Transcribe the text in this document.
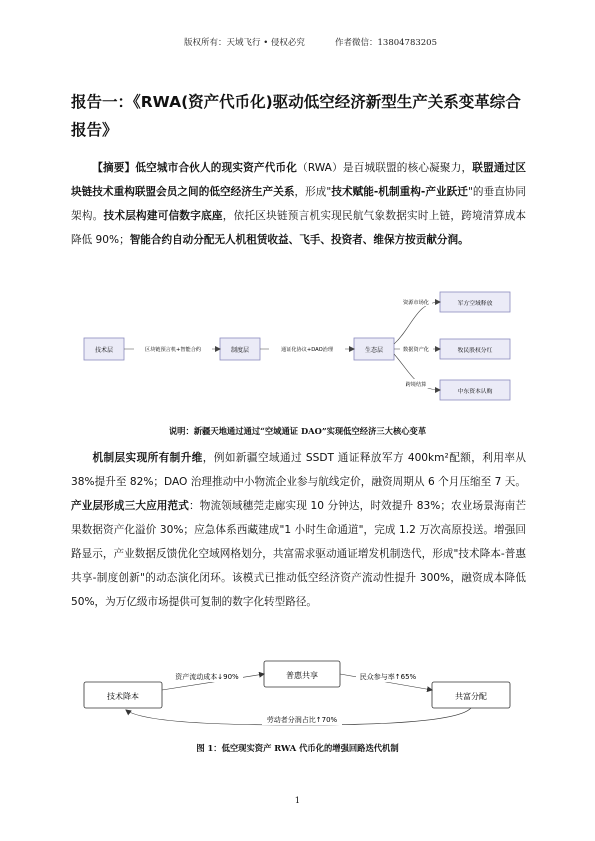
版权所有：天域飞行 • 侵权必究	作者微信：13804783205
报告一：《RWA(资产代币化)驱动低空经济新型生产关系变革综合报告》
【摘要】低空城市合伙人的现实资产代币化（RWA）是百城联盟的核心凝聚力，联盟通过区块链技术重构联盟会员之间的低空经济生产关系，形成"技术赋能-机制重构-产业跃迁"的垂直协同架构。技术层构建可信数字底座，依托区块链预言机实现民航气象数据实时上链，跨境清算成本降低 90%；智能合约自动分配无人机租赁收益、飞手、投资者、维保方按贡献分润。
技术层	制度层	生态层
军方空域释放
牧民股权分红
中东资本认购
区块链预言机+智能合约	通证化协议+DAO治理
资源市场化
数据资产化
跨境结算
说明：新疆天地通过通过“空域通证 DAO”实现低空经济三大核心变革
机制层实现所有制升维，例如新疆空域通过 SSDT 通证释放军方 400km²配额，利用率从 38%提升至 82%；DAO 治理推动中小物流企业参与航线定价，融资周期从 6 个月压缩至 7 天。产业层形成三大应用范式：物流领域穗莞走廊实现 10 分钟达，时效提升 83%；农业场景海南芒果数据资产化溢价 30%；应急体系西藏建成"1 小时生命通道"，完成 1.2 万次高原投送。增强回路显示，产业数据反馈优化空域网格划分，共富需求驱动通证增发机制迭代，形成"技术降本-普惠共享-制度创新"的动态演化闭环。该模式已推动低空经济资产流动性提升 300%，融资成本降低 50%，为万亿级市场提供可复制的数字化转型路径。
技术降本
普惠共享
共富分配
资产流动成本↓90%	民众参与率↑65%
劳动者分润占比↑70%
图 1：低空现实资产 RWA 代币化的增强回路迭代机制
1
